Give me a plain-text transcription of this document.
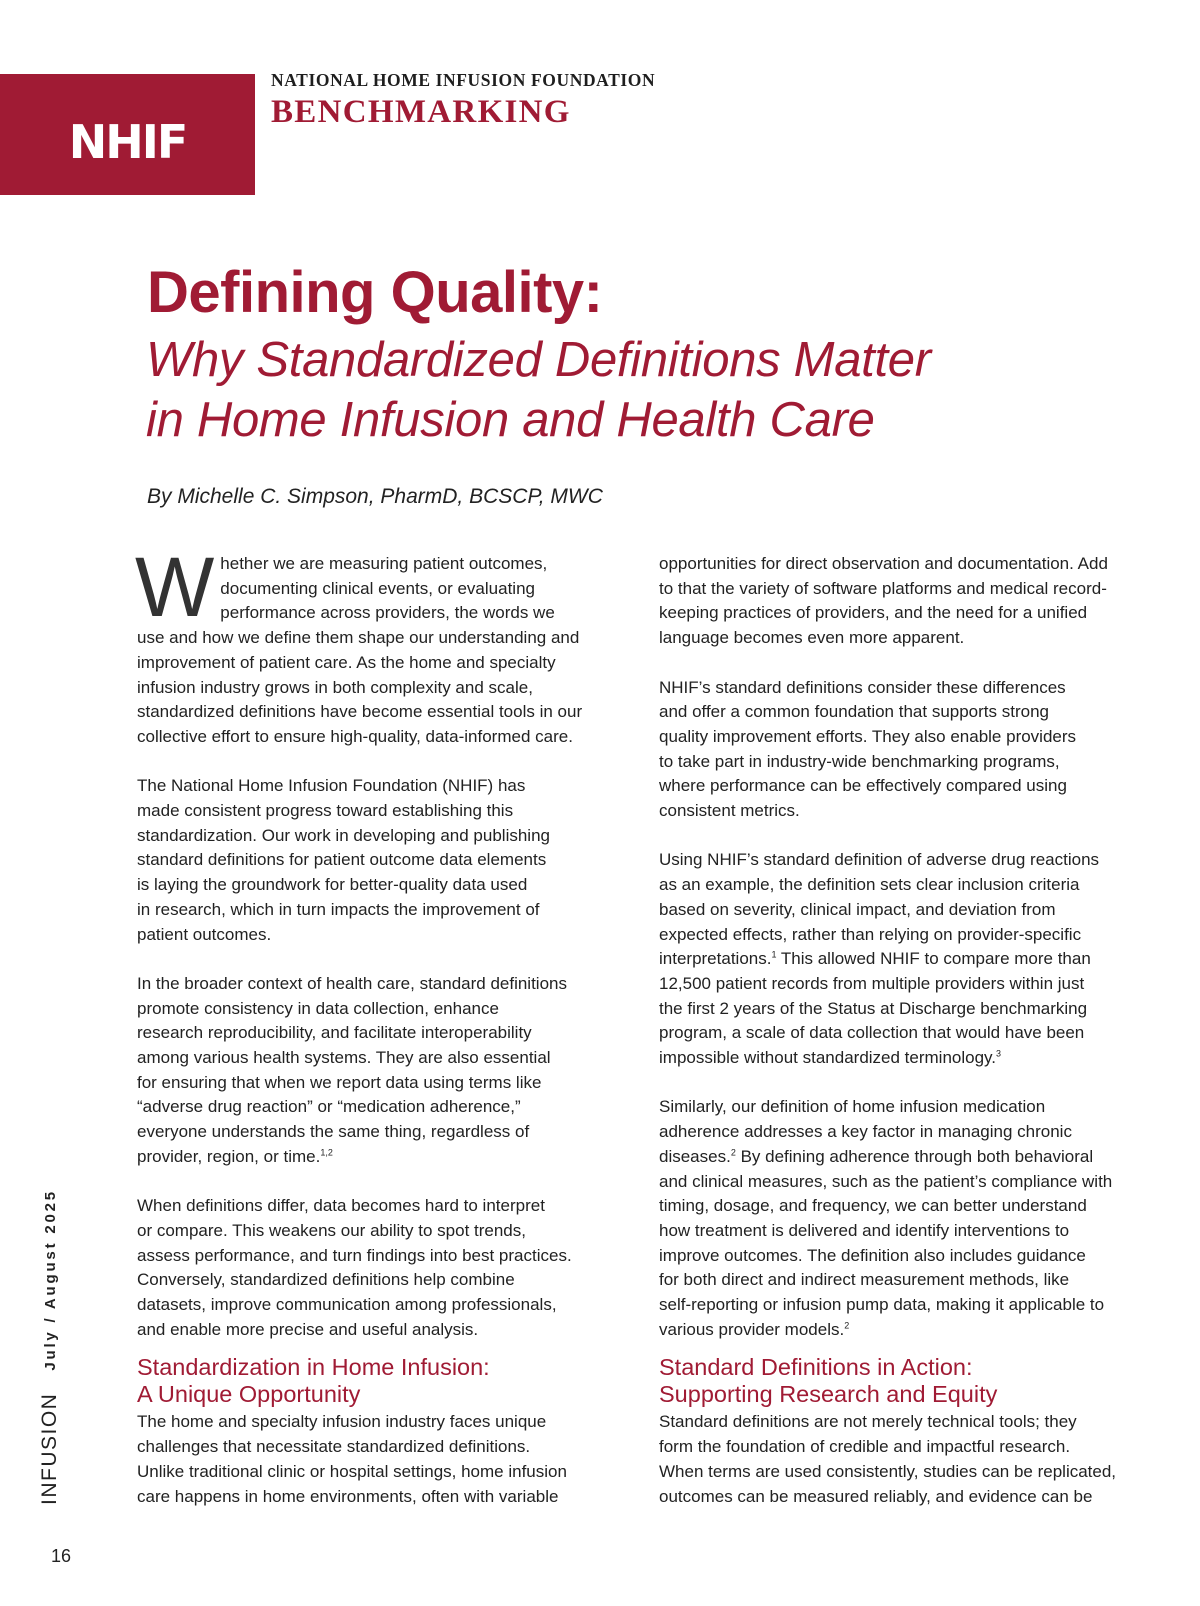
NHIF
NATIONAL HOME INFUSION FOUNDATION
BENCHMARKING
Defining Quality:
Why Standardized Definitions Matter
in Home Infusion and Health Care
By Michelle C. Simpson, PharmD, BCSCP, MWC

W hether we are measuring patient outcomes,
documenting clinical events, or evaluating
performance across providers, the words we
use and how we define them shape our understanding and
improvement of patient care. As the home and specialty
infusion industry grows in both complexity and scale,
standardized definitions have become essential tools in our
collective effort to ensure high-quality, data-informed care.

The National Home Infusion Foundation (NHIF) has
made consistent progress toward establishing this
standardization. Our work in developing and publishing
standard definitions for patient outcome data elements
is laying the groundwork for better-quality data used
in research, which in turn impacts the improvement of
patient outcomes.

In the broader context of health care, standard definitions
promote consistency in data collection, enhance
research reproducibility, and facilitate interoperability
among various health systems. They are also essential
for ensuring that when we report data using terms like
“adverse drug reaction” or “medication adherence,”
everyone understands the same thing, regardless of
provider, region, or time.$^{1,2}$

When definitions differ, data becomes hard to interpret
or compare. This weakens our ability to spot trends,
assess performance, and turn findings into best practices.
Conversely, standardized definitions help combine
datasets, improve communication among professionals,
and enable more precise and useful analysis.

Standardization in Home Infusion:
A Unique Opportunity

The home and specialty infusion industry faces unique
challenges that necessitate standardized definitions.
Unlike traditional clinic or hospital settings, home infusion
care happens in home environments, often with variable

opportunities for direct observation and documentation. Add
to that the variety of software platforms and medical record-
keeping practices of providers, and the need for a unified
language becomes even more apparent.

NHIF’s standard definitions consider these differences
and offer a common foundation that supports strong
quality improvement efforts. They also enable providers
to take part in industry-wide benchmarking programs,
where performance can be effectively compared using
consistent metrics.

Using NHIF’s standard definition of adverse drug reactions
as an example, the definition sets clear inclusion criteria
based on severity, clinical impact, and deviation from
expected effects, rather than relying on provider-specific
interpretations.$^1$ This allowed NHIF to compare more than
12,500 patient records from multiple providers within just
the first 2 years of the Status at Discharge benchmarking
program, a scale of data collection that would have been
impossible without standardized terminology.$^3$

Similarly, our definition of home infusion medication
adherence addresses a key factor in managing chronic
diseases.$^2$ By defining adherence through both behavioral
and clinical measures, such as the patient’s compliance with
timing, dosage, and frequency, we can better understand
how treatment is delivered and identify interventions to
improve outcomes. The definition also includes guidance
for both direct and indirect measurement methods, like
self-reporting or infusion pump data, making it applicable to
various provider models.$^2$

Standard Definitions in Action:
Supporting Research and Equity

Standard definitions are not merely technical tools; they
form the foundation of credible and impactful research.
When terms are used consistently, studies can be replicated,
outcomes can be measured reliably, and evidence can be

INFUSION
July / August 2025
16
